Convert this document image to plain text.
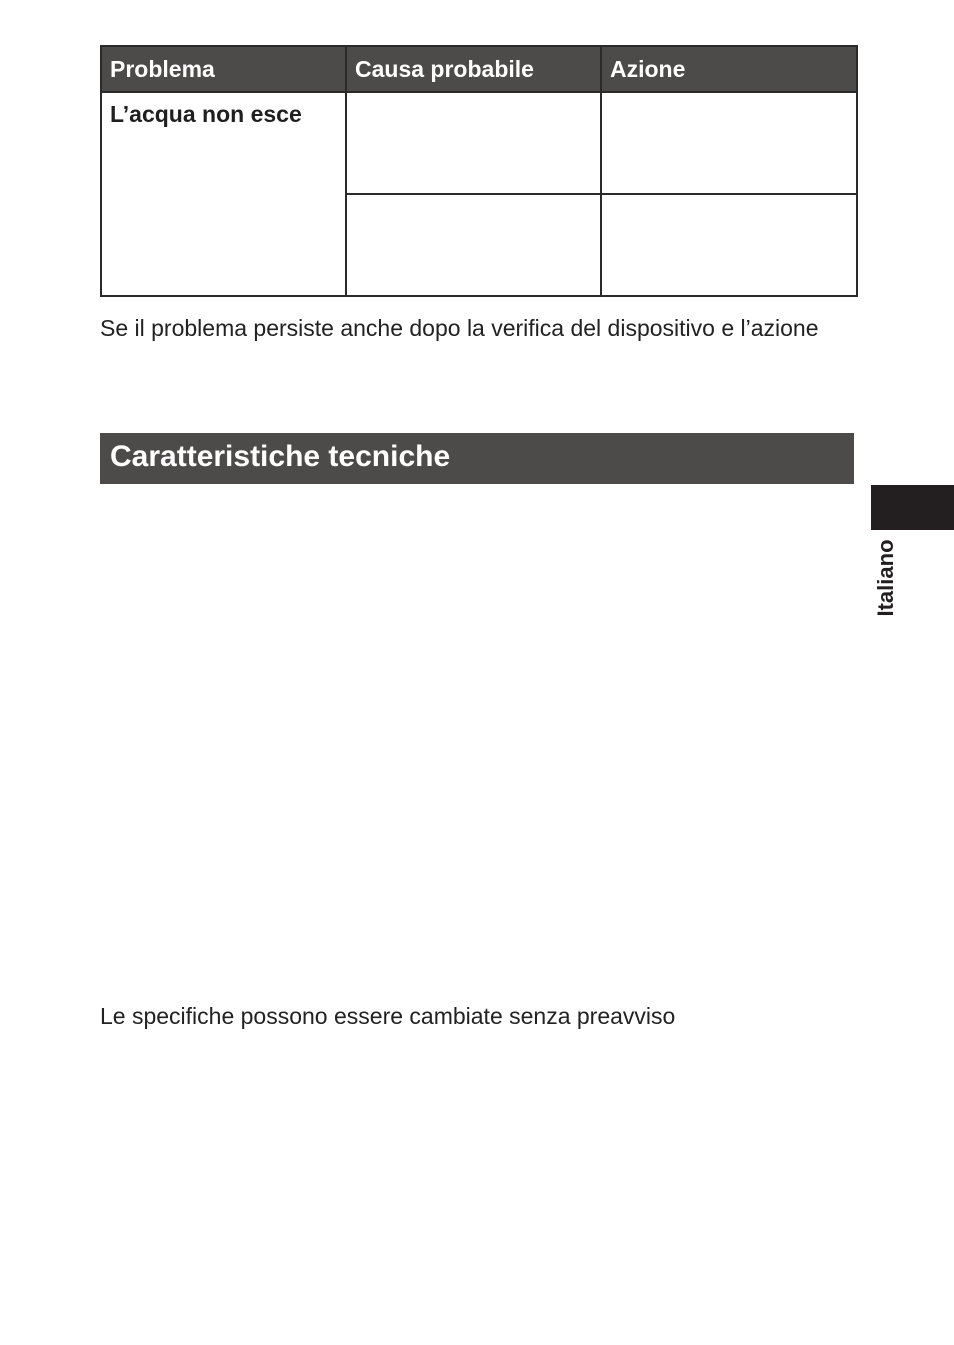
Problema	Causa probabile	Azione
L’acqua non esce		

Se il problema persiste anche dopo la verifica del dispositivo e l’azione
Caratteristiche tecniche
Italiano
Le specifiche possono essere cambiate senza preavviso
